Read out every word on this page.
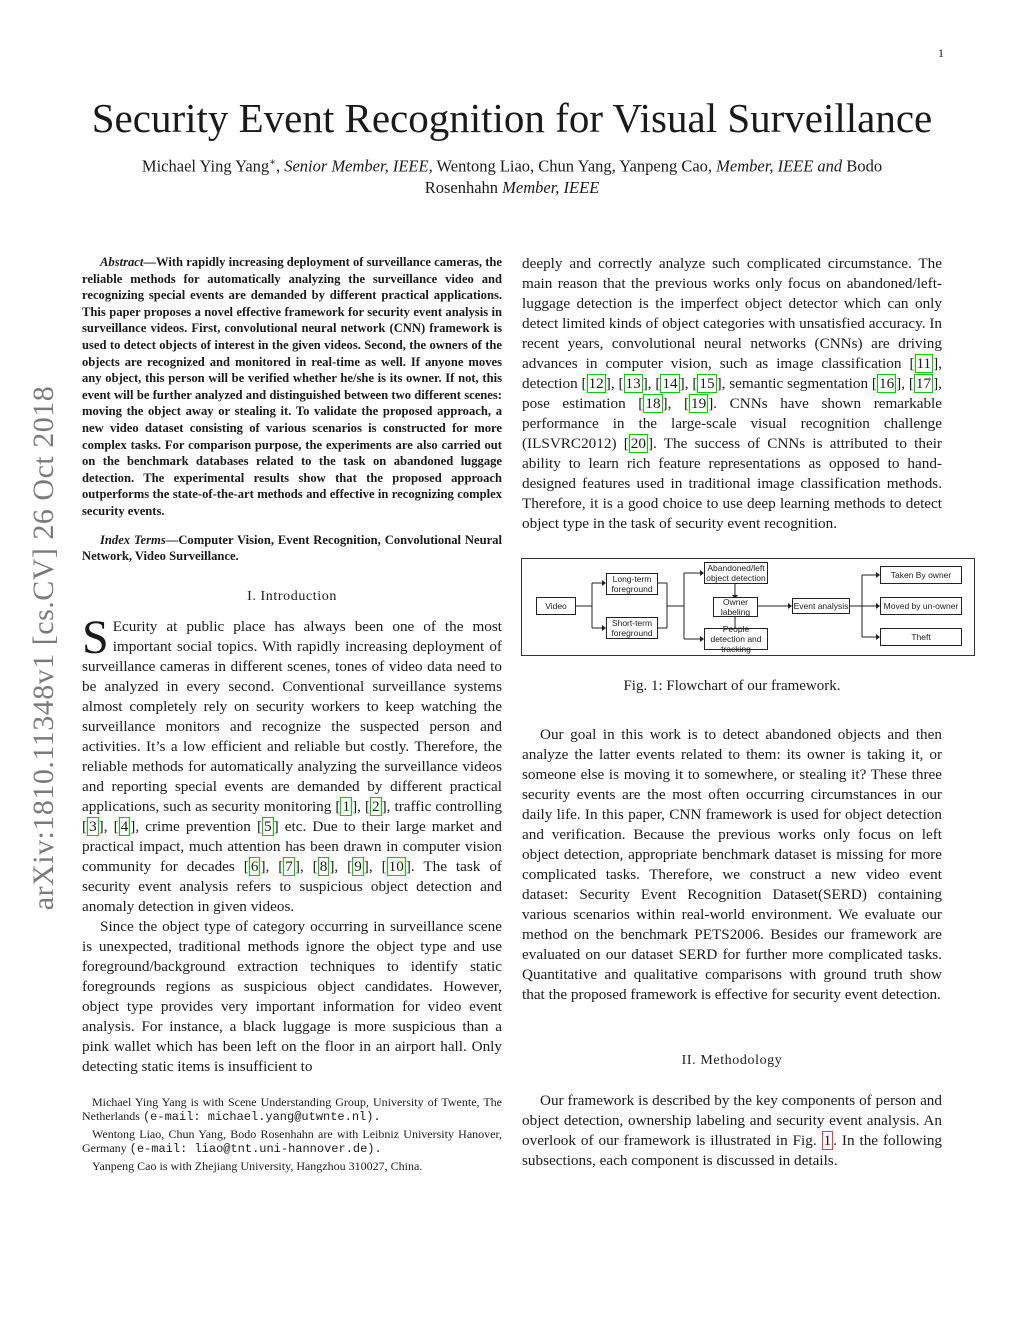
1
arXiv:1810.11348v1 [cs.CV] 26 Oct 2018
Security Event Recognition for Visual Surveillance
Michael Ying Yang∗, Senior Member, IEEE, Wentong Liao, Chun Yang, Yanpeng Cao, Member, IEEE and Bodo
Rosenhahn Member, IEEE

Abstract—With rapidly increasing deployment of surveillance cameras, the reliable methods for automatically analyzing the surveillance video and recognizing special events are demanded by different practical applications. This paper proposes a novel effective framework for security event analysis in surveillance videos. First, convolutional neural network (CNN) framework is used to detect objects of interest in the given videos. Second, the owners of the objects are recognized and monitored in real-time as well. If anyone moves any object, this person will be verified whether he/she is its owner. If not, this event will be further analyzed and distinguished between two different scenes: moving the object away or stealing it. To validate the proposed approach, a new video dataset consisting of various scenarios is constructed for more complex tasks. For comparison purpose, the experiments are also carried out on the benchmark databases related to the task on abandoned luggage detection. The experimental results show that the proposed approach outperforms the state-of-the-art methods and effective in recognizing complex security events.

Index Terms—Computer Vision, Event Recognition, Convolutional Neural Network, Video Surveillance.

I. Introduction

S Ecurity at public place has always been one of the most important social topics. With rapidly increasing deployment of surveillance cameras in different scenes, tones of video data need to be analyzed in every second. Conventional surveillance systems almost completely rely on security workers to keep watching the surveillance monitors and recognize the suspected person and activities. It’s a low efficient and reliable but costly. Therefore, the reliable methods for automatically analyzing the surveillance videos and reporting special events are demanded by different practical applications, such as security monitoring [ 1 ], [ 2 ], traffic controlling [ 3 ], [ 4 ], crime prevention [ 5 ] etc. Due to their large market and practical impact, much attention has been drawn in computer vision community for decades [ 6 ], [ 7 ], [ 8 ], [ 9 ], [ 10 ]. The task of security event analysis refers to suspicious object detection and anomaly detection in given videos.

Since the object type of category occurring in surveillance scene is unexpected, traditional methods ignore the object type and use foreground/background extraction techniques to identify static foregrounds regions as suspicious object candidates. However, object type provides very important information for video event analysis. For instance, a black luggage is more suspicious than a pink wallet which has been left on the floor in an airport hall. Only detecting static items is insufficient to

Michael Ying Yang is with Scene Understanding Group, University of Twente, The Netherlands (e-mail: michael.yang@utwnte.nl).

Wentong Liao, Chun Yang, Bodo Rosenhahn are with Leibniz University Hanover, Germany (e-mail: liao@tnt.uni-hannover.de).

Yanpeng Cao is with Zhejiang University, Hangzhou 310027, China.

deeply and correctly analyze such complicated circumstance. The main reason that the previous works only focus on abandoned/left-luggage detection is the imperfect object detector which can only detect limited kinds of object categories with unsatisfied accuracy. In recent years, convolutional neural networks (CNNs) are driving advances in computer vision, such as image classification [ 11 ], detection [ 12 ], [ 13 ], [ 14 ], [ 15 ], semantic segmentation [ 16 ], [ 17 ], pose estimation [ 18 ], [ 19 ]. CNNs have shown remarkable performance in the large-scale visual recognition challenge (ILSVRC2012) [ 20 ]. The success of CNNs is attributed to their ability to learn rich feature representations as opposed to hand-designed features used in traditional image classification methods. Therefore, it is a good choice to use deep learning methods to detect object type in the task of security event recognition.

Video
Long-term foreground
Short-term foreground
Abandoned/left object detection
Owner labeling
People detection and tracking
Event analysis
Taken By owner
Moved by un-owner
Theft
Fig. 1: Flowchart of our framework.

Our goal in this work is to detect abandoned objects and then analyze the latter events related to them: its owner is taking it, or someone else is moving it to somewhere, or stealing it? These three security events are the most often occurring circumstances in our daily life. In this paper, CNN framework is used for object detection and verification. Because the previous works only focus on left object detection, appropriate benchmark dataset is missing for more complicated tasks. Therefore, we construct a new video event dataset: Security Event Recognition Dataset(SERD) containing various scenarios within real-world environment. We evaluate our method on the benchmark PETS2006. Besides our framework are evaluated on our dataset SERD for further more complicated tasks. Quantitative and qualitative comparisons with ground truth show that the proposed framework is effective for security event detection.

II. Methodology

Our framework is described by the key components of person and object detection, ownership labeling and security event analysis. An overlook of our framework is illustrated in Fig. 1 . In the following subsections, each component is discussed in details.
